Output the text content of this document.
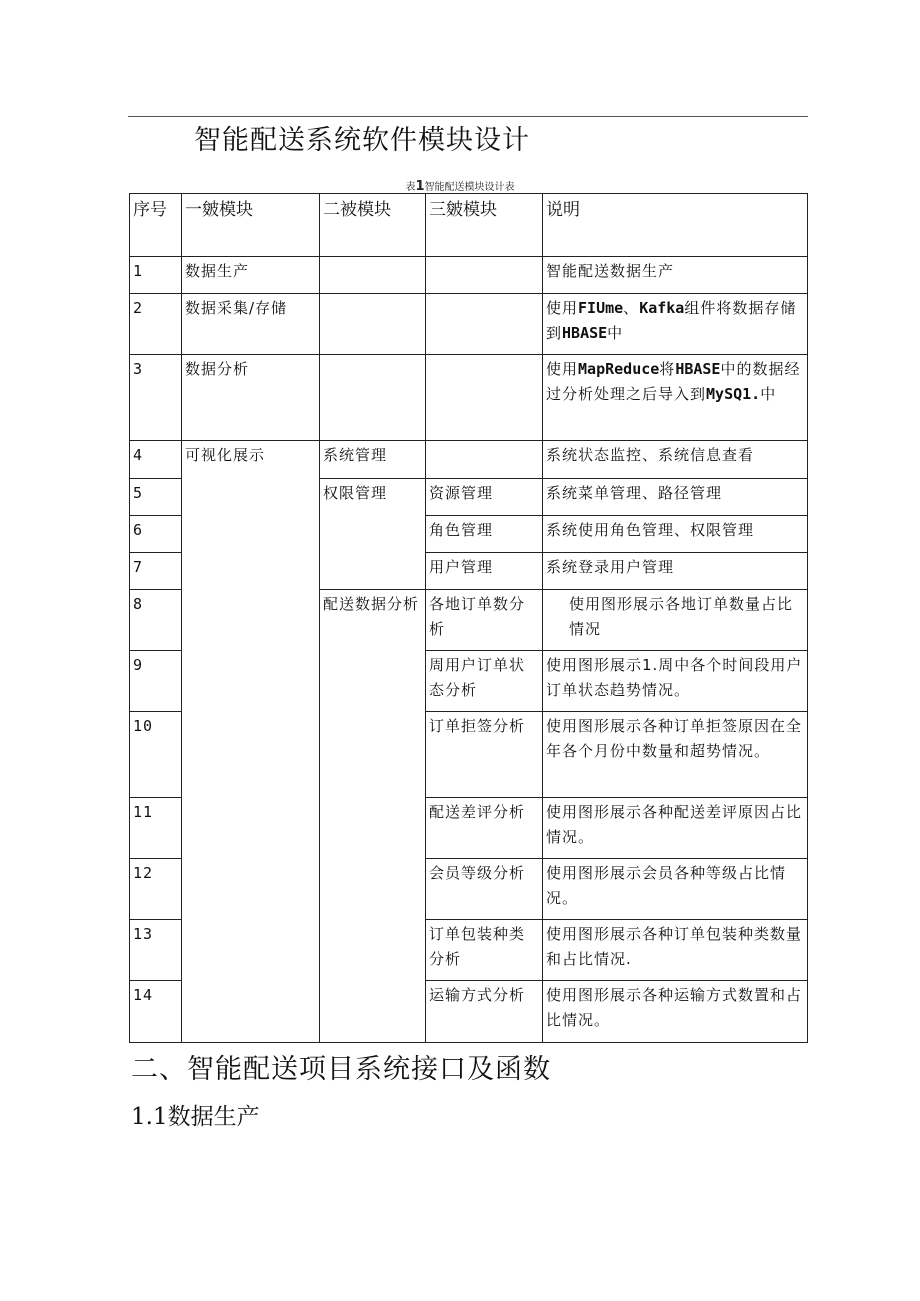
智能配送系统软件模块设计
表1智能配送模块设计表
序号	一皴模块	二被模块	三皴模块	说明
1	数据生产			智能配送数据生产
2	数据采集/存储			使用FIUme、Kafka组件将数据存储到HBASE中
3	数据分析			使用MapReduce将HBASE中的数据经过分析处理之后导入到MySQ1.中
4	可视化展示	系统管理		系统状态监控、系统信息查看
5		权限管理	资源管理	系统菜单管理、路径管理
6			角色管理	系统使用角色管理、权限管理
7			用户管理	系统登录用户管理
8		配送数据分析	各地订单数分析	使用图形展示各地订单数量占比情况
9			周用户订单状态分析	使用图形展示1.周中各个时间段用户订单状态趋势情况。
10			订单拒签分析	使用图形展示各种订单拒签原因在全年各个月份中数量和超势情况。
11			配送差评分析	使用图形展示各种配送差评原因占比情况。
12			会员等级分析	使用图形展示会员各种等级占比情况。
13			订单包装种类分析	使用图形展示各种订单包装种类数量和占比情况.
14			运输方式分析	使用图形展示各种运输方式数置和占比情况。
二、智能配送项目系统接口及函数
1.1数据生产
